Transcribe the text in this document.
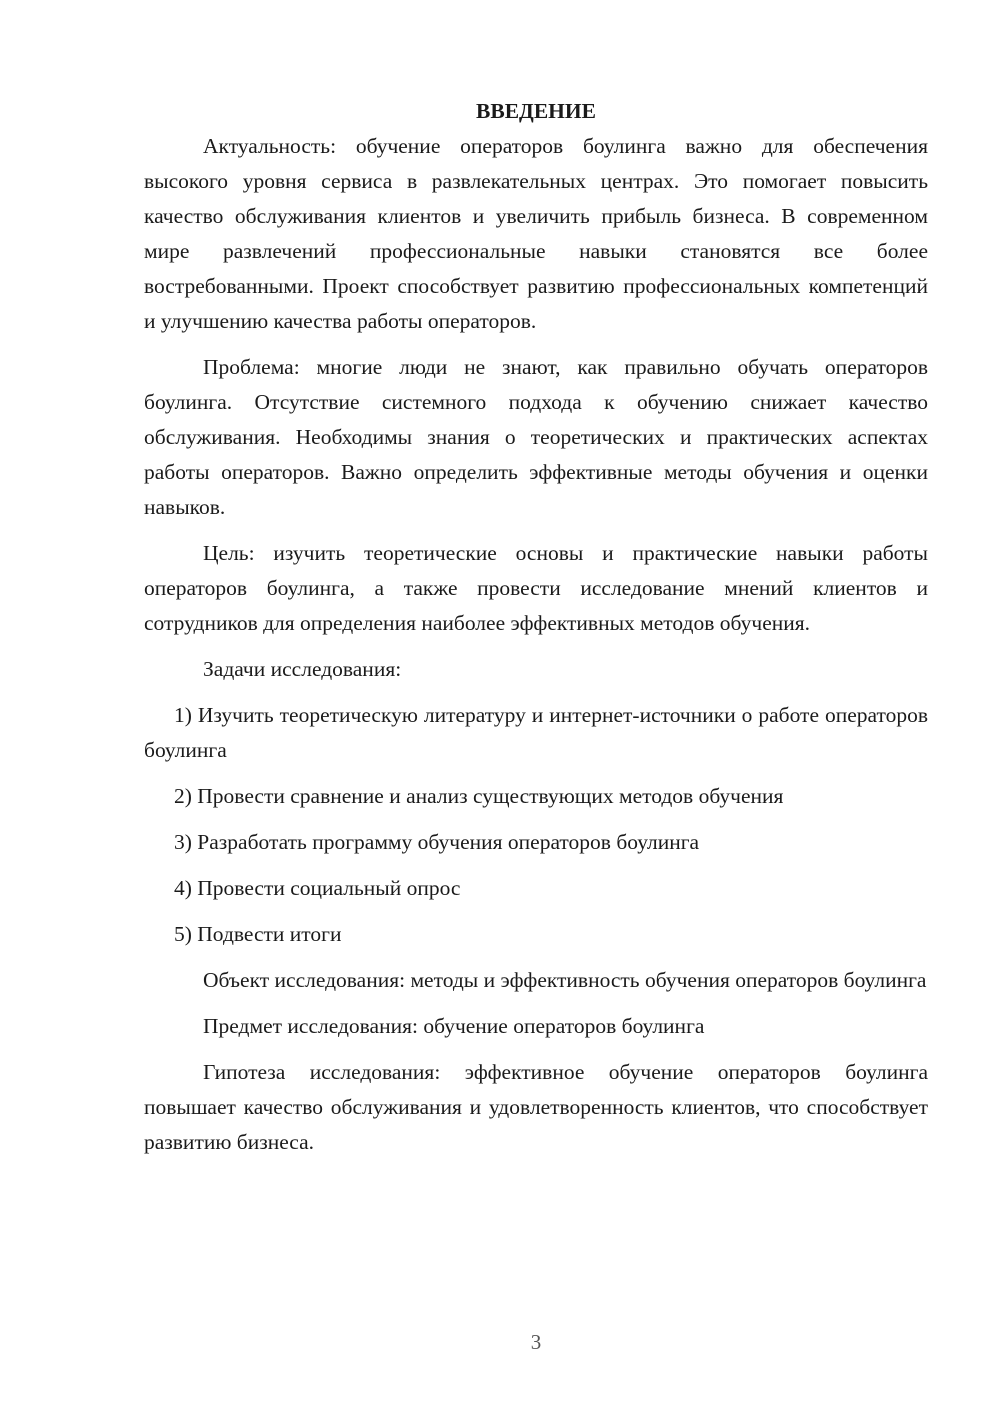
ВВЕДЕНИЕ

Актуальность: обучение операторов боулинга важно для обеспечения высокого уровня сервиса в развлекательных центрах. Это помогает повысить качество обслуживания клиентов и увеличить прибыль бизнеса. В современном мире развлечений профессиональные навыки становятся все более востребованными. Проект способствует развитию профессиональных компетенций и улучшению качества работы операторов.

Проблема: многие люди не знают, как правильно обучать операторов боулинга. Отсутствие системного подхода к обучению снижает качество обслуживания. Необходимы знания о теоретических и практических аспектах работы операторов. Важно определить эффективные методы обучения и оценки навыков.

Цель: изучить теоретические основы и практические навыки работы операторов боулинга, а также провести исследование мнений клиентов и сотрудников для определения наиболее эффективных методов обучения.

Задачи исследования:

1) Изучить теоретическую литературу и интернет-источники о работе операторов боулинга

2) Провести сравнение и анализ существующих методов обучения

3) Разработать программу обучения операторов боулинга

4) Провести социальный опрос

5) Подвести итоги

Объект исследования: методы и эффективность обучения операторов боулинга

Предмет исследования: обучение операторов боулинга

Гипотеза исследования: эффективное обучение операторов боулинга повышает качество обслуживания и удовлетворенность клиентов, что способствует развитию бизнеса.

3
